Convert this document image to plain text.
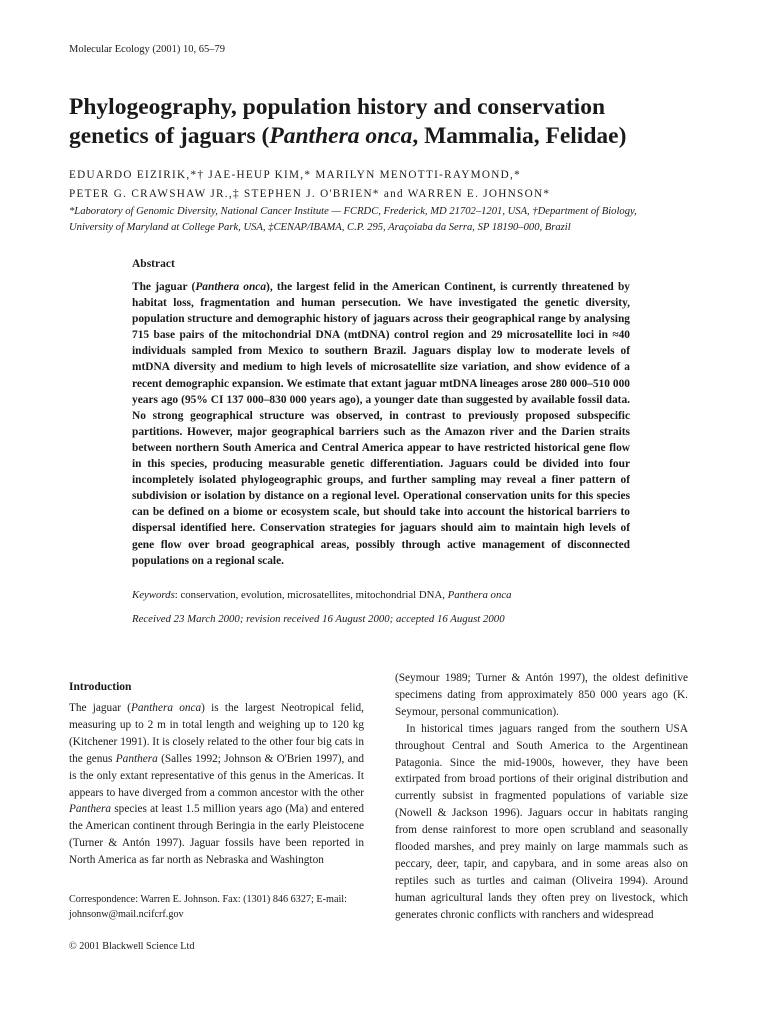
Molecular Ecology (2001) 10, 65–79
Phylogeography, population history and conservation
genetics of jaguars (Panthera onca, Mammalia, Felidae)
EDUARDO EIZIRIK,*† JAE-HEUP KIM,* MARILYN MENOTTI-RAYMOND,*
PETER G. CRAWSHAW JR.,‡ STEPHEN J. O'BRIEN* and WARREN E. JOHNSON*
*Laboratory of Genomic Diversity, National Cancer Institute — FCRDC, Frederick, MD 21702–1201, USA, †Department of Biology,
University of Maryland at College Park, USA, ‡CENAP/IBAMA, C.P. 295, Araçoiaba da Serra, SP 18190–000, Brazil
Abstract
The jaguar (Panthera onca), the largest felid in the American Continent, is currently threatened by habitat loss, fragmentation and human persecution. We have investigated the genetic diversity, population structure and demographic history of jaguars across their geographical range by analysing 715 base pairs of the mitochondrial DNA (mtDNA) control region and 29 microsatellite loci in ≈40 individuals sampled from Mexico to southern Brazil. Jaguars display low to moderate levels of mtDNA diversity and medium to high levels of microsatellite size variation, and show evidence of a recent demographic expansion. We estimate that extant jaguar mtDNA lineages arose 280 000–510 000 years ago (95% CI 137 000–830 000 years ago), a younger date than suggested by available fossil data. No strong geographical structure was observed, in contrast to previously proposed subspecific partitions. However, major geographical barriers such as the Amazon river and the Darien straits between northern South America and Central America appear to have restricted historical gene flow in this species, producing measurable genetic differentiation. Jaguars could be divided into four incompletely isolated phylogeographic groups, and further sampling may reveal a finer pattern of subdivision or isolation by distance on a regional level. Operational conservation units for this species can be defined on a biome or ecosystem scale, but should take into account the historical barriers to dispersal identified here. Conservation strategies for jaguars should aim to maintain high levels of gene flow over broad geographical areas, possibly through active management of disconnected populations on a regional scale.
Keywords: conservation, evolution, microsatellites, mitochondrial DNA, Panthera onca
Received 23 March 2000; revision received 16 August 2000; accepted 16 August 2000
Introduction

The jaguar (Panthera onca) is the largest Neotropical felid, measuring up to 2 m in total length and weighing up to 120 kg (Kitchener 1991). It is closely related to the other four big cats in the genus Panthera (Salles 1992; Johnson & O'Brien 1997), and is the only extant representative of this genus in the Americas. It appears to have diverged from a common ancestor with the other Panthera species at least 1.5 million years ago (Ma) and entered the American continent through Beringia in the early Pleistocene (Turner & Antón 1997). Jaguar fossils have been reported in North America as far north as Nebraska and Washington

(Seymour 1989; Turner & Antón 1997), the oldest definitive specimens dating from approximately 850 000 years ago (K. Seymour, personal communication).

In historical times jaguars ranged from the southern USA throughout Central and South America to the Argentinean Patagonia. Since the mid-1900s, however, they have been extirpated from broad portions of their original distribution and currently subsist in fragmented populations of variable size (Nowell & Jackson 1996). Jaguars occur in habitats ranging from dense rainforest to more open scrubland and seasonally flooded marshes, and prey mainly on large mammals such as peccary, deer, tapir, and capybara, and in some areas also on reptiles such as turtles and caiman (Oliveira 1994). Around human agricultural lands they often prey on livestock, which generates chronic conflicts with ranchers and widespread

Correspondence: Warren E. Johnson. Fax: (1301) 846 6327; E-mail: johnsonw@mail.ncifcrf.gov
© 2001 Blackwell Science Ltd
